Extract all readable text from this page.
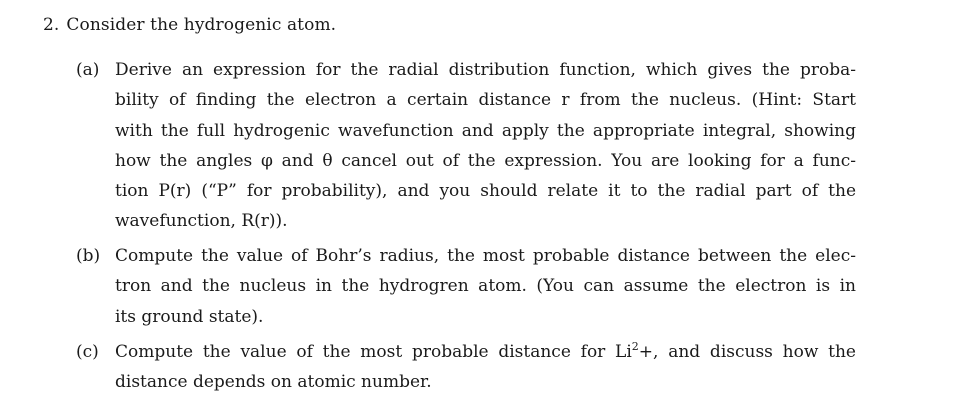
2. Consider the hydrogenic atom.
(a) Derive an expression for the radial distribution function, which gives the proba-
bility of finding the electron a certain distance r from the nucleus. (Hint: Start
with the full hydrogenic wavefunction and apply the appropriate integral, showing
how the angles φ and θ cancel out of the expression. You are looking for a func-
tion P(r) (“P” for probability), and you should relate it to the radial part of the
wavefunction, R(r)).
(b) Compute the value of Bohr’s radius, the most probable distance between the elec-
tron and the nucleus in the hydrogren atom. (You can assume the electron is in
its ground state).
(c) Compute the value of the most probable distance for $Li^2+$, and discuss how the
distance depends on atomic number.
